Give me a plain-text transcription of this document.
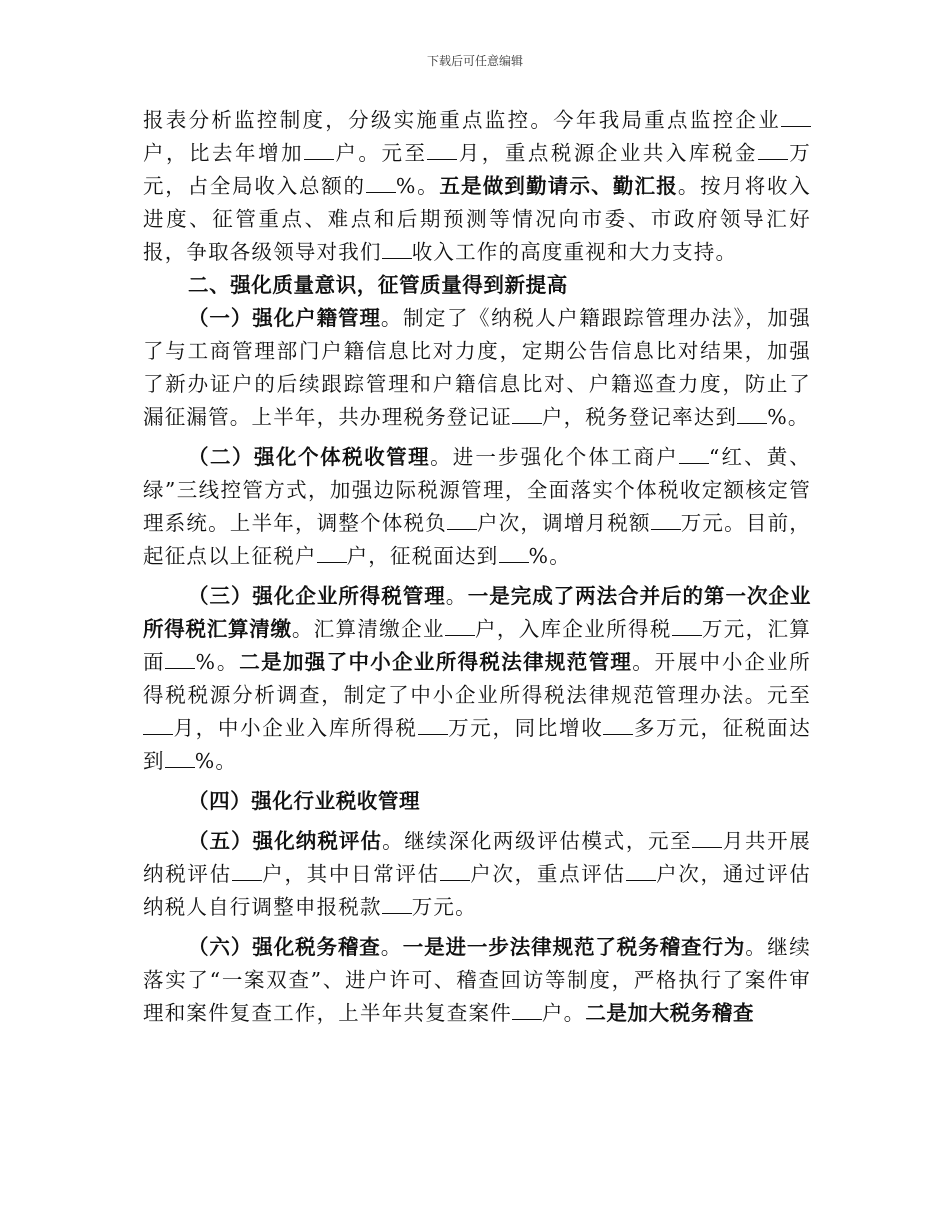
下载后可任意编辑

报表分析监控制度，分级实施重点监控。今年我局重点监控企业户，比去年增加 户。元至 月，重点税源企业共入库税金 万元，占全局收入总额的 %。五是做到勤请示、勤汇报。按月将收入进度、征管重点、难点和后期预测等情况向市委、市政府领导汇好报，争取各级领导对我们 收入工作的高度重视和大力支持。

二、强化质量意识，征管质量得到新提高

（一）强化户籍管理。制定了《纳税人户籍跟踪管理办法》，加强了与工商管理部门户籍信息比对力度，定期公告信息比对结果，加强了新办证户的后续跟踪管理和户籍信息比对、户籍巡查力度，防止了漏征漏管。上半年，共办理税务登记证 户，税务登记率达到 %。

（二）强化个体税收管理。进一步强化个体工商户 “红、黄、绿”三线控管方式，加强边际税源管理，全面落实个体税收定额核定管理系统。上半年，调整个体税负 户次，调增月税额 万元。目前，起征点以上征税户 户，征税面达到 %。

（三）强化企业所得税管理。一是完成了两法合并后的第一次企业所得税汇算清缴。汇算清缴企业 户，入库企业所得税 万元，汇算面 %。二是加强了中小企业所得税法律规范管理。开展中小企业所得税税源分析调查，制定了中小企业所得税法律规范管理办法。元至月，中小企业入库所得税 万元，同比增收 多万元，征税面达到 %。

（四）强化行业税收管理

（五）强化纳税评估。继续深化两级评估模式，元至 月共开展纳税评估 户，其中日常评估 户次，重点评估 户次，通过评估纳税人自行调整申报税款 万元。

（六）强化税务稽查。一是进一步法律规范了税务稽查行为。继续落实了“一案双查”、进户许可、稽查回访等制度，严格执行了案件审理和案件复查工作，上半年共复查案件 户。二是加大税务稽查
